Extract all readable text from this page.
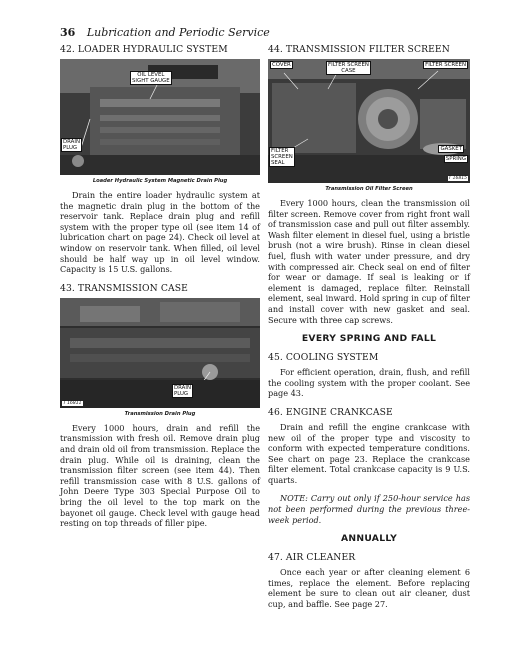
36 Lubrication and Periodic Service
42. LOADER HYDRAULIC SYSTEM
OIL LEVEL
SIGHT GAUGE
DRAIN
PLUG
Loader Hydraulic System Magnetic Drain Plug

Drain the entire loader hydraulic system at the magnetic drain plug in the bottom of the reservoir tank. Replace drain plug and refill system with the proper type oil (see item 14 of lubrication chart on page 24). Check oil level at window on reservoir tank. When filled, oil level should be half way up in oil level window. Capacity is 15 U.S. gallons.

43. TRANSMISSION CASE
DRAIN
PLUG
T 16811
Transmission Drain Plug

Every 1000 hours, drain and refill the transmission with fresh oil. Remove drain plug and drain old oil from transmission. Replace the drain plug. While oil is draining, clean the transmission filter screen (see item 44). Then refill transmission case with 8 U.S. gallons of John Deere Type 303 Special Purpose Oil to bring the oil level to the top mark on the bayonet oil gauge. Check level with gauge head resting on top threads of filler pipe.

44. TRANSMISSION FILTER SCREEN
COVER	FILTER SCREEN
CASE
FILTER SCREEN
FILTER
SCREEN
SEAL
GASKET
SPRING
T 16815
Transmission Oil Filter Screen

Every 1000 hours, clean the transmission oil filter screen. Remove cover from right front wall of transmission case and pull out filter assembly. Wash filter element in diesel fuel, using a bristle brush (not a wire brush). Rinse in clean diesel fuel, flush with water under pressure, and dry with compressed air. Check seal on end of filter for wear or damage. If seal is leaking or if element is damaged, replace filter. Reinstall element, seal inward. Hold spring in cup of filter and install cover with new gasket and seal. Secure with three cap screws.

EVERY SPRING AND FALL
45. COOLING SYSTEM

For efficient operation, drain, flush, and refill the cooling system with the proper coolant. See page 43.

46. ENGINE CRANKCASE

Drain and refill the engine crankcase with new oil of the proper type and viscosity to conform with expected temperature conditions. See chart on page 23. Replace the crankcase filter element. Total crankcase capacity is 9 U.S. quarts.

NOTE: Carry out only if 250-hour service has not been performed during the previous three-week period.

ANNUALLY
47. AIR CLEANER

Once each year or after cleaning element 6 times, replace the element. Before replacing element be sure to clean out air cleaner, dust cup, and baffle. See page 27.
